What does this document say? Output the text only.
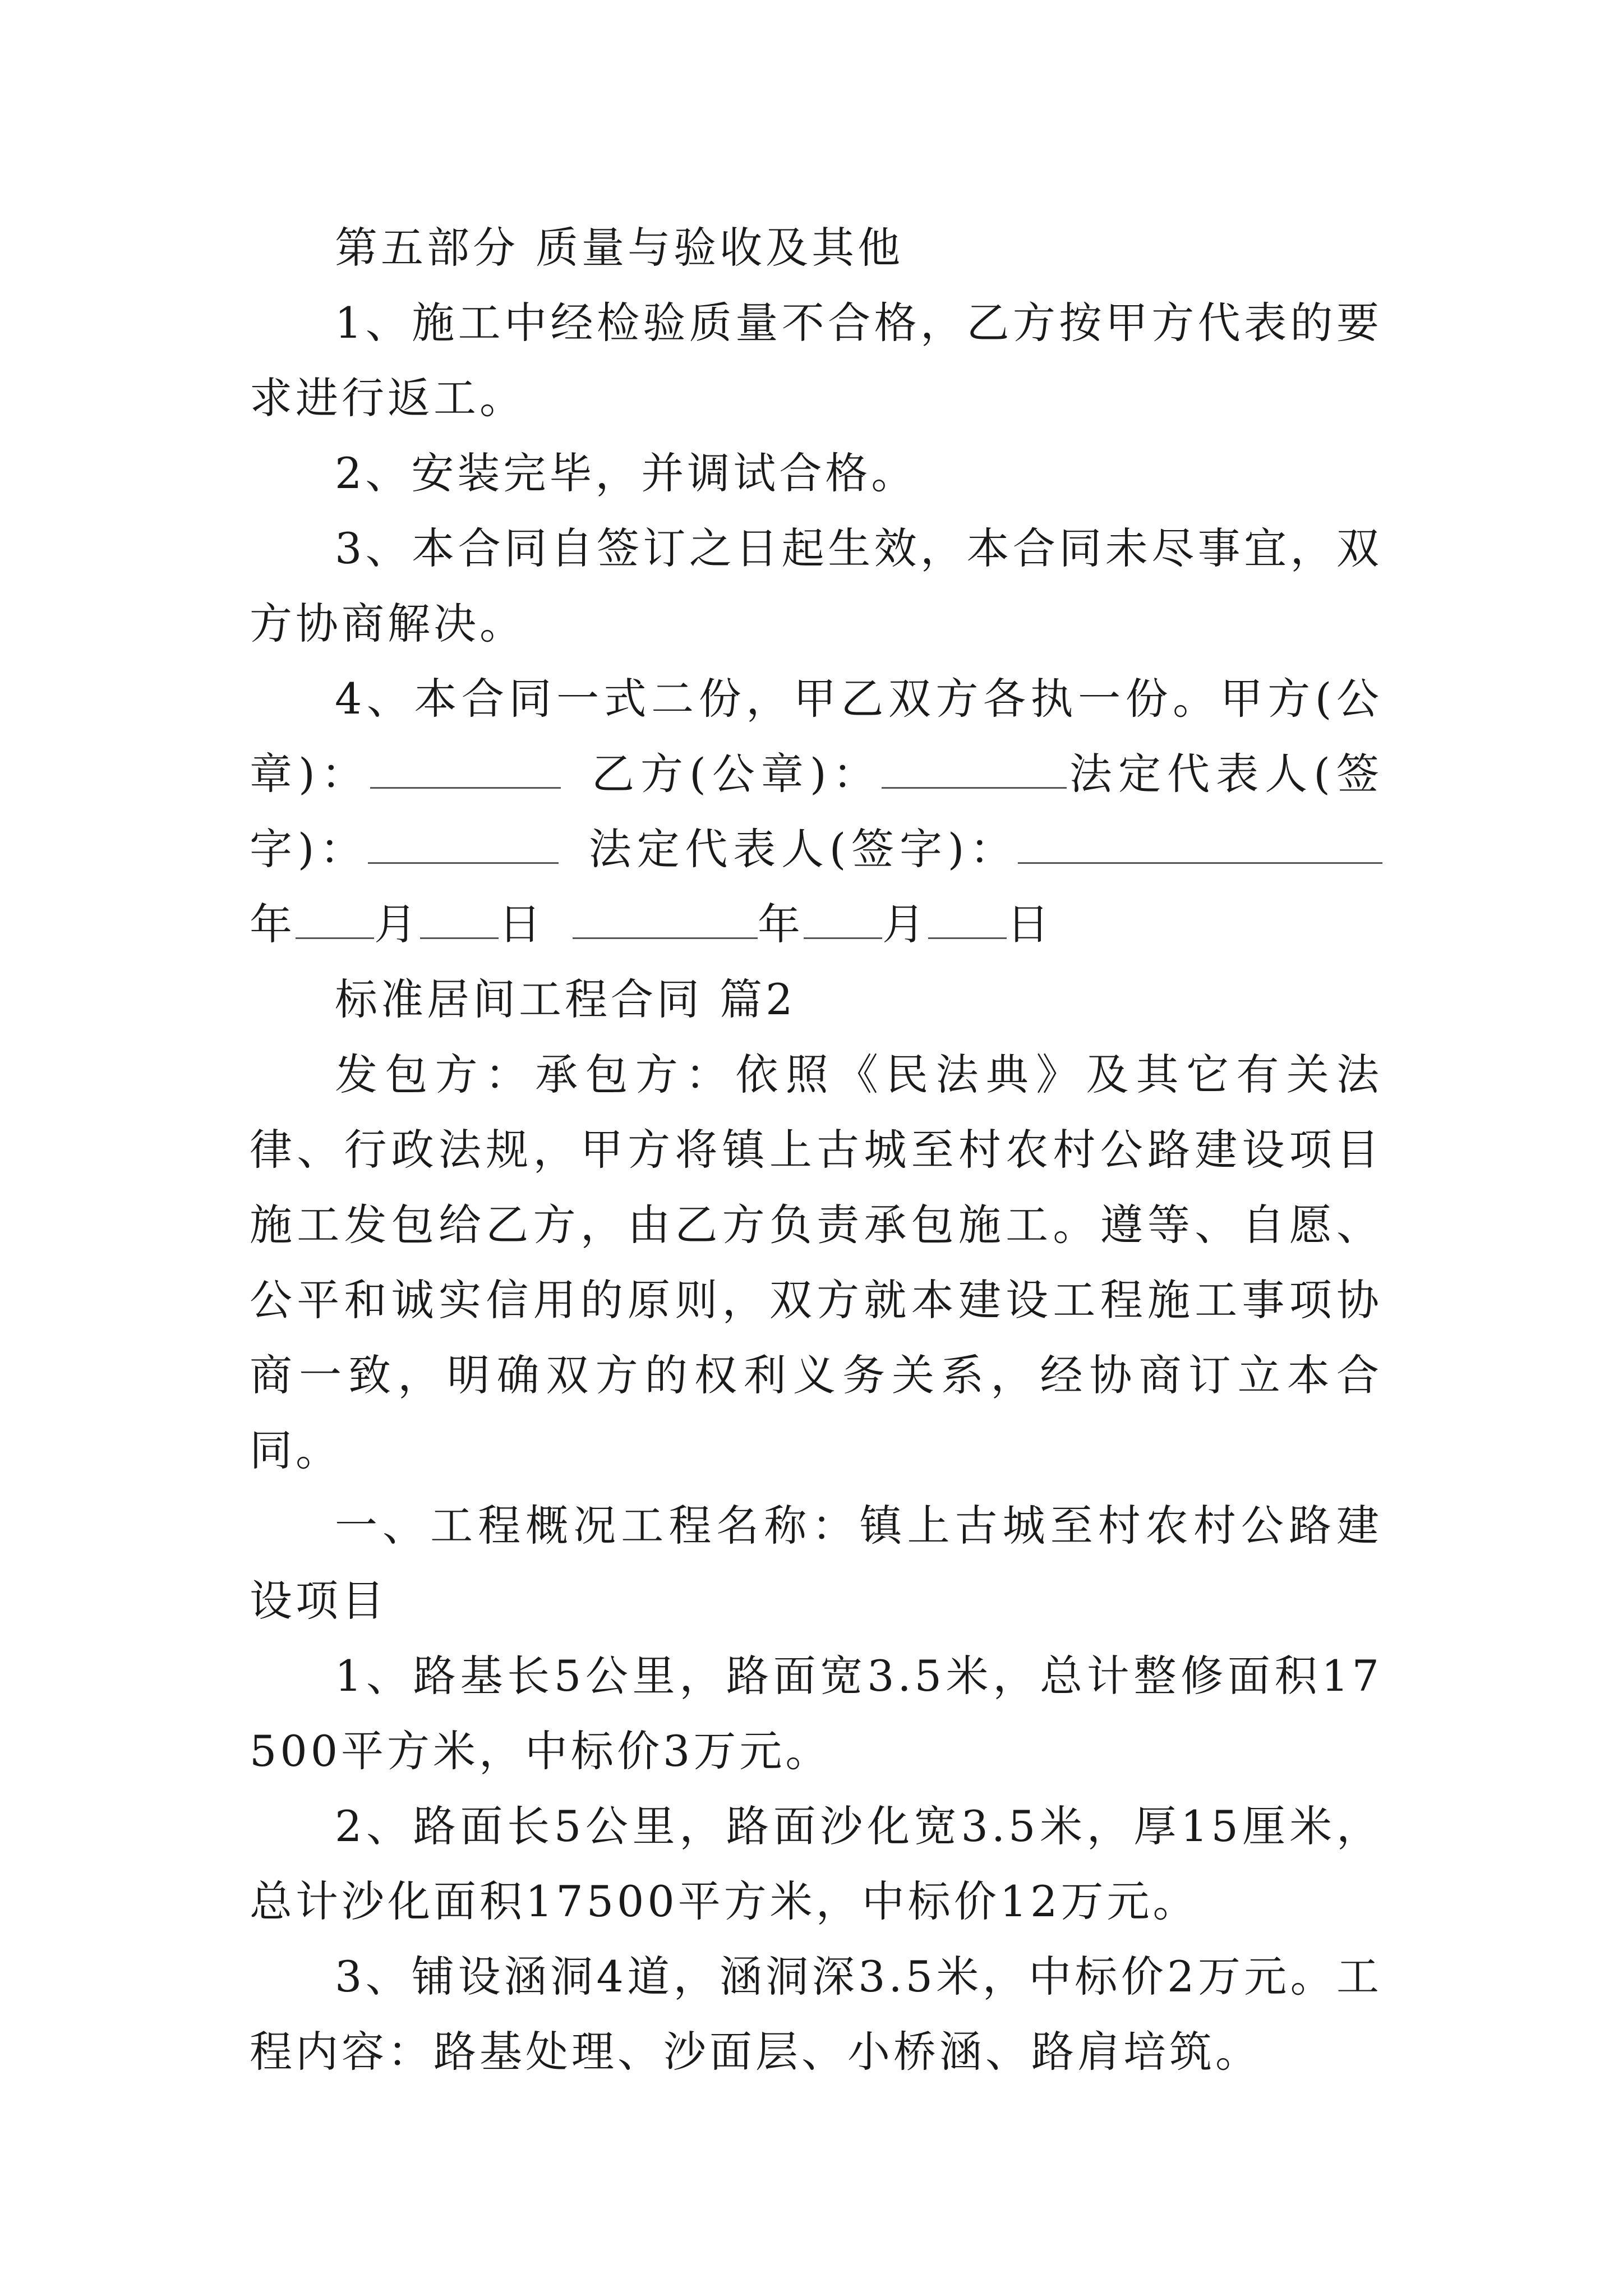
第五部分 质量与验收及其他

1、施工中经检验质量不合格，乙方按甲方代表的要求进行返工。

2、安装完毕，并调试合格。

3、本合同自签订之日起生效，本合同未尽事宜，双方协商解决。

4、本合同一式二份，甲乙双方各执一份。甲方(公章)：	乙方(公章)：	法定代表人(签字)：	法定代表人(签字)：年 月 日	年 月 日

标准居间工程合同 篇2

发包方：承包方：依照《民法典》及其它有关法律、行政法规，甲方将镇上古城至村农村公路建设项目施工发包给乙方，由乙方负责承包施工。遵等、自愿、公平和诚实信用的原则，双方就本建设工程施工事项协商一致，明确双方的权利义务关系，经协商订立本合同。

一、工程概况工程名称：镇上古城至村农村公路建设项目

1、路基长5公里，路面宽3.5米，总计整修面积17500平方米，中标价3万元。

2、路面长5公里，路面沙化宽3.5米，厚15厘米，总计沙化面积17500平方米，中标价12万元。

3、铺设涵洞4道，涵洞深3.5米，中标价2万元。工程内容：路基处理、沙面层、小桥涵、路肩培筑。
